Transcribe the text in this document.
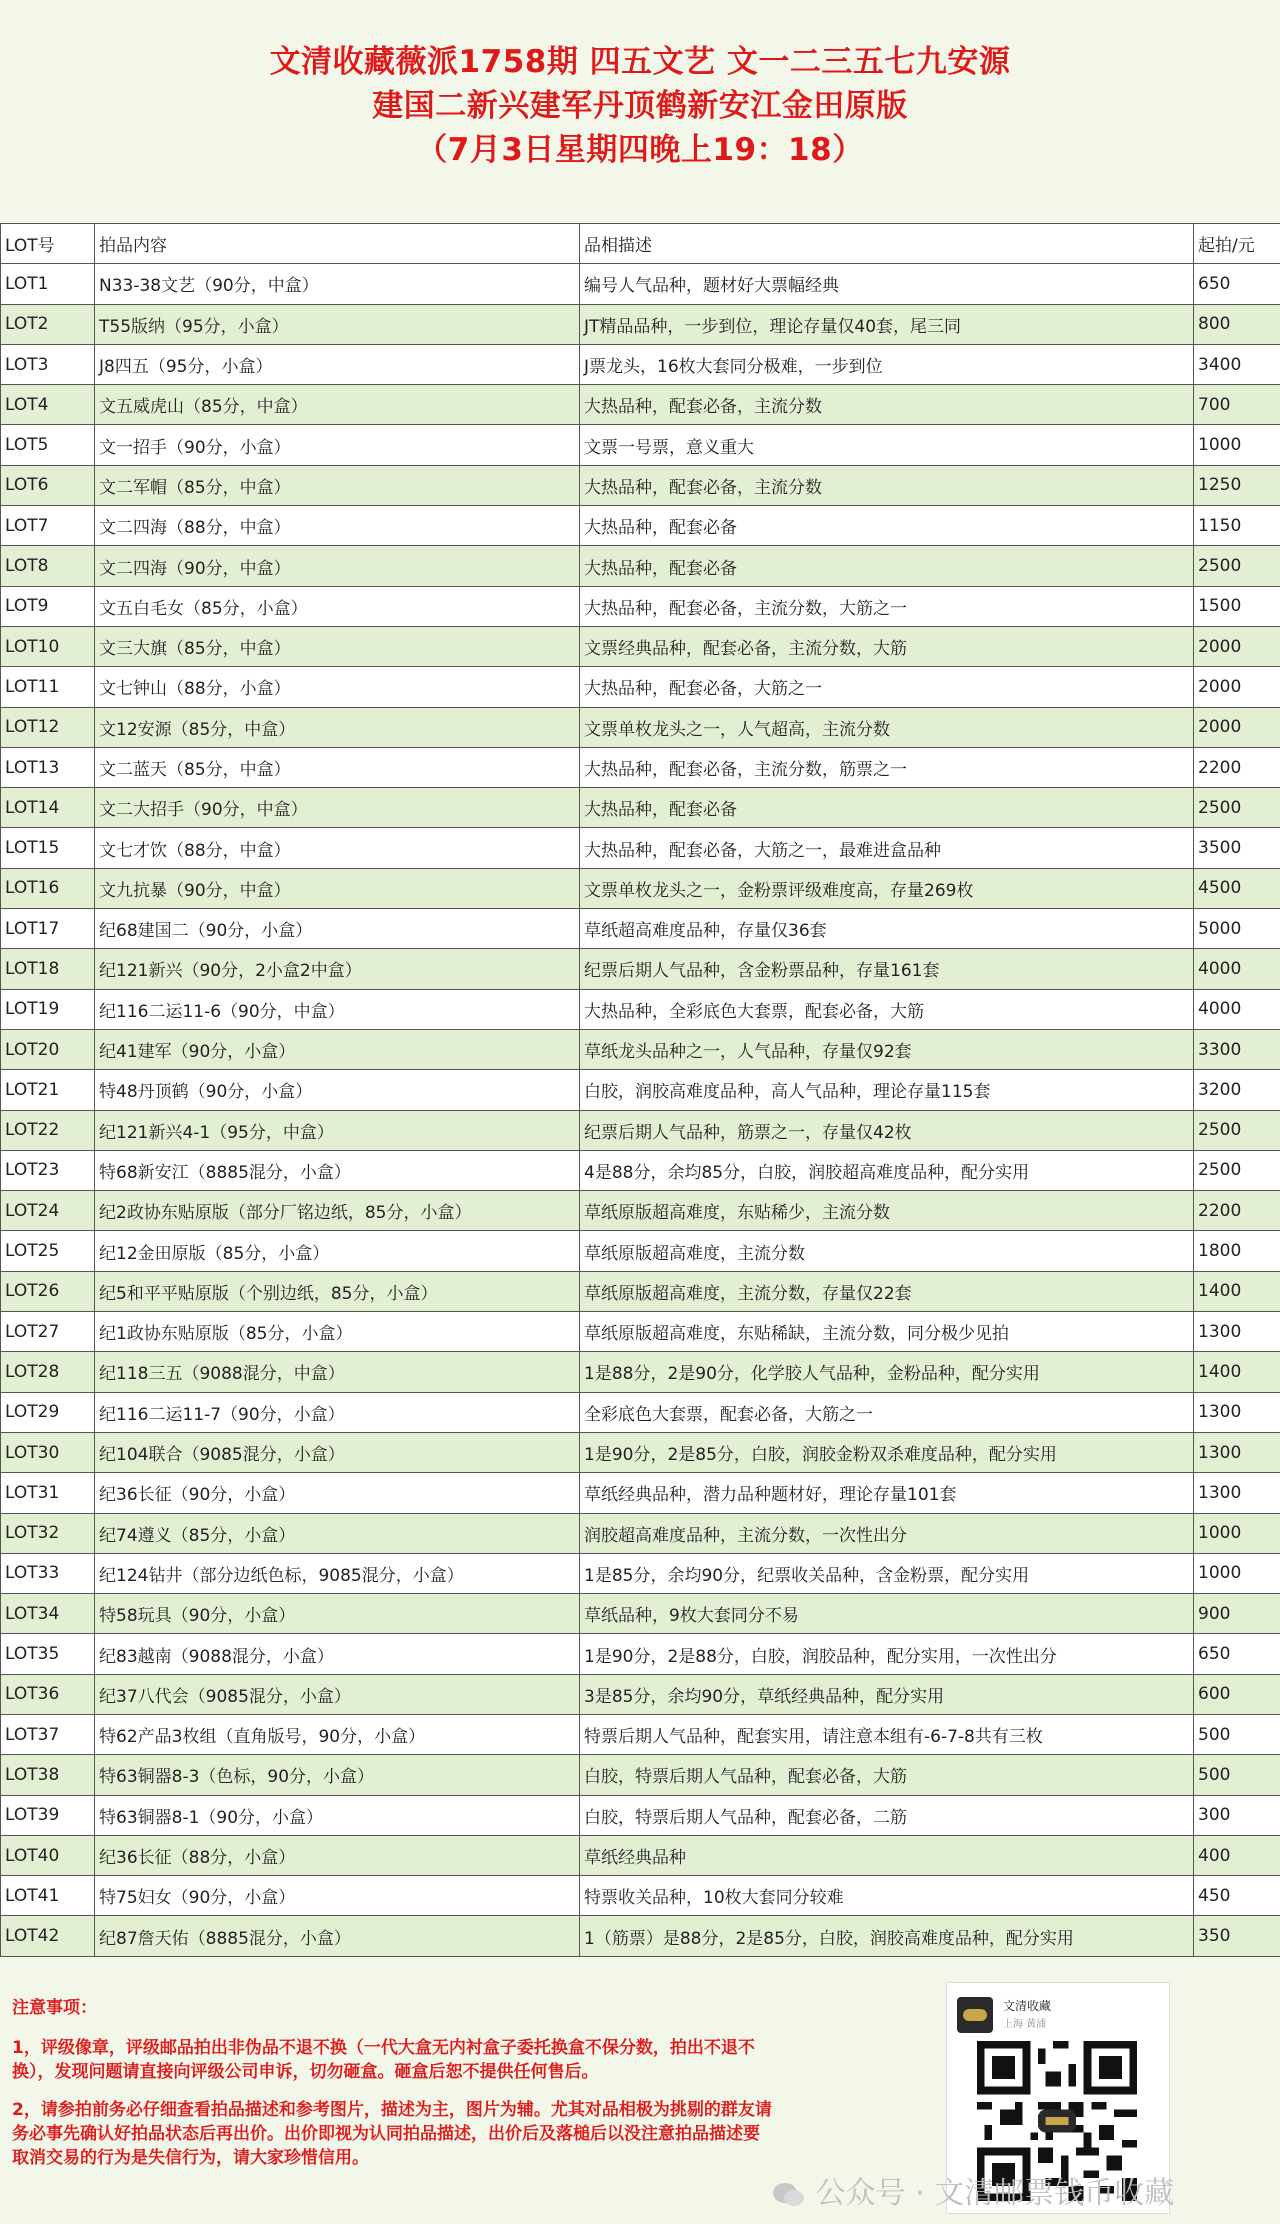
文清收藏薇派1758期 四五文艺 文一二三五七九安源
建国二新兴建军丹顶鹤新安江金田原版
（7月3日星期四晚上19：18）
LOT号	拍品内容	品相描述	起拍/元
LOT1	N33-38文艺（90分，中盒）	编号人气品种，题材好大票幅经典	650
LOT2	T55版纳（95分，小盒）	JT精品品种，一步到位，理论存量仅40套，尾三同	800
LOT3	J8四五（95分，小盒）	J票龙头，16枚大套同分极难，一步到位	3400
LOT4	文五威虎山（85分，中盒）	大热品种，配套必备，主流分数	700
LOT5	文一招手（90分，小盒）	文票一号票，意义重大	1000
LOT6	文二军帽（85分，中盒）	大热品种，配套必备，主流分数	1250
LOT7	文二四海（88分，中盒）	大热品种，配套必备	1150
LOT8	文二四海（90分，中盒）	大热品种，配套必备	2500
LOT9	文五白毛女（85分，小盒）	大热品种，配套必备，主流分数，大筋之一	1500
LOT10	文三大旗（85分，中盒）	文票经典品种，配套必备，主流分数，大筋	2000
LOT11	文七钟山（88分，小盒）	大热品种，配套必备，大筋之一	2000
LOT12	文12安源（85分，中盒）	文票单枚龙头之一，人气超高，主流分数	2000
LOT13	文二蓝天（85分，中盒）	大热品种，配套必备，主流分数，筋票之一	2200
LOT14	文二大招手（90分，中盒）	大热品种，配套必备	2500
LOT15	文七才饮（88分，中盒）	大热品种，配套必备，大筋之一，最难进盒品种	3500
LOT16	文九抗暴（90分，中盒）	文票单枚龙头之一，金粉票评级难度高，存量269枚	4500
LOT17	纪68建国二（90分，小盒）	草纸超高难度品种，存量仅36套	5000
LOT18	纪121新兴（90分，2小盒2中盒）	纪票后期人气品种，含金粉票品种，存量161套	4000
LOT19	纪116二运11-6（90分，中盒）	大热品种，全彩底色大套票，配套必备，大筋	4000
LOT20	纪41建军（90分，小盒）	草纸龙头品种之一，人气品种，存量仅92套	3300
LOT21	特48丹顶鹤（90分，小盒）	白胶，润胶高难度品种，高人气品种，理论存量115套	3200
LOT22	纪121新兴4-1（95分，中盒）	纪票后期人气品种，筋票之一，存量仅42枚	2500
LOT23	特68新安江（8885混分，小盒）	4是88分，余均85分，白胶，润胶超高难度品种，配分实用	2500
LOT24	纪2政协东贴原版（部分厂铭边纸，85分，小盒）	草纸原版超高难度，东贴稀少，主流分数	2200
LOT25	纪12金田原版（85分，小盒）	草纸原版超高难度，主流分数	1800
LOT26	纪5和平平贴原版（个别边纸，85分，小盒）	草纸原版超高难度，主流分数，存量仅22套	1400
LOT27	纪1政协东贴原版（85分，小盒）	草纸原版超高难度，东贴稀缺，主流分数，同分极少见拍	1300
LOT28	纪118三五（9088混分，中盒）	1是88分，2是90分，化学胶人气品种，金粉品种，配分实用	1400
LOT29	纪116二运11-7（90分，小盒）	全彩底色大套票，配套必备，大筋之一	1300
LOT30	纪104联合（9085混分，小盒）	1是90分，2是85分，白胶，润胶金粉双杀难度品种，配分实用	1300
LOT31	纪36长征（90分，小盒）	草纸经典品种，潜力品种题材好，理论存量101套	1300
LOT32	纪74遵义（85分，小盒）	润胶超高难度品种，主流分数，一次性出分	1000
LOT33	纪124钻井（部分边纸色标，9085混分，小盒）	1是85分，余均90分，纪票收关品种，含金粉票，配分实用	1000
LOT34	特58玩具（90分，小盒）	草纸品种，9枚大套同分不易	900
LOT35	纪83越南（9088混分，小盒）	1是90分，2是88分，白胶，润胶品种，配分实用，一次性出分	650
LOT36	纪37八代会（9085混分，小盒）	3是85分，余均90分，草纸经典品种，配分实用	600
LOT37	特62产品3枚组（直角版号，90分，小盒）	特票后期人气品种，配套实用，请注意本组有-6-7-8共有三枚	500
LOT38	特63铜器8-3（色标，90分，小盒）	白胶，特票后期人气品种，配套必备，大筋	500
LOT39	特63铜器8-1（90分，小盒）	白胶，特票后期人气品种，配套必备，二筋	300
LOT40	纪36长征（88分，小盒）	草纸经典品种	400
LOT41	特75妇女（90分，小盒）	特票收关品种，10枚大套同分较难	450
LOT42	纪87詹天佑（8885混分，小盒）	1（筋票）是88分，2是85分，白胶，润胶高难度品种，配分实用	350
注意事项：

1，评级像章，评级邮品拍出非伪品不退不换（一代大盒无内衬盒子委托换盒不保分数，拍出不退不换），发现问题请直接向评级公司申诉，切勿砸盒。砸盒后恕不提供任何售后。

2，请参拍前务必仔细查看拍品描述和参考图片，描述为主，图片为辅。尤其对品相极为挑剔的群友请务必事先确认好拍品状态后再出价。出价即视为认同拍品描述，出价后及落槌后以没注意拍品描述要取消交易的行为是失信行为，请大家珍惜信用。

文清收藏
上海 黄浦
公众号 · 文清邮票钱币收藏
